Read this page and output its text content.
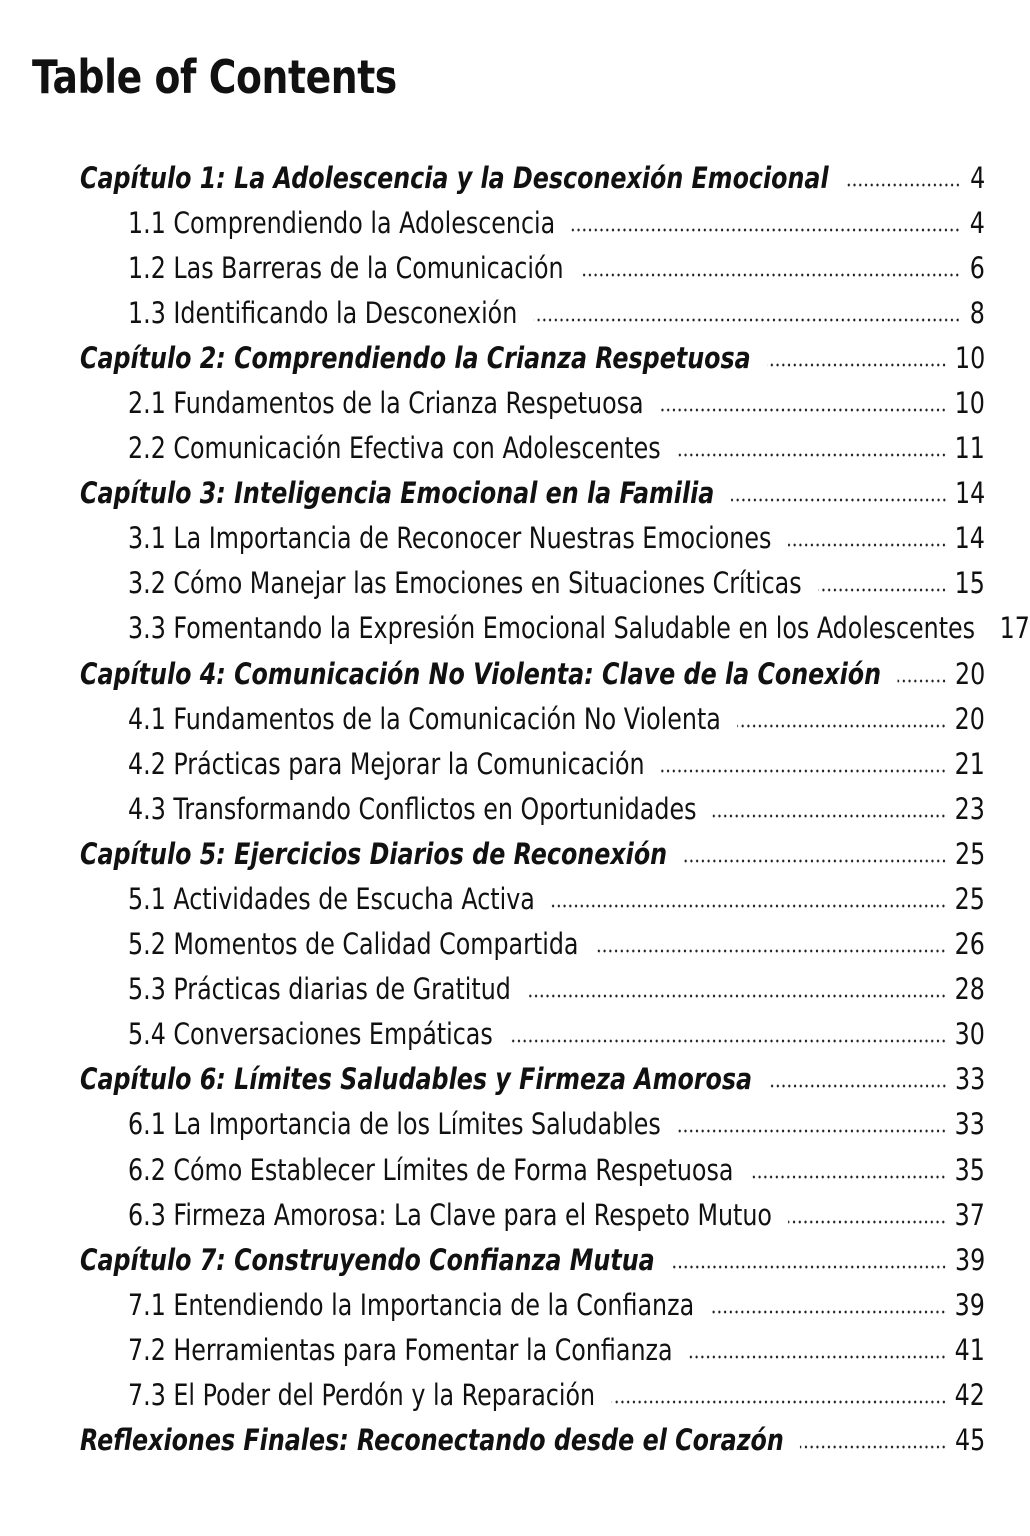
Table of Contents
Capítulo 1: La Adolescencia y la Desconexión Emocional	4
1.1 Comprendiendo la Adolescencia	4
1.2 Las Barreras de la Comunicación	6
1.3 Identificando la Desconexión	8
Capítulo 2: Comprendiendo la Crianza Respetuosa	10
2.1 Fundamentos de la Crianza Respetuosa	10
2.2 Comunicación Efectiva con Adolescentes	11
Capítulo 3: Inteligencia Emocional en la Familia	14
3.1 La Importancia de Reconocer Nuestras Emociones	14
3.2 Cómo Manejar las Emociones en Situaciones Críticas	15
3.3 Fomentando la Expresión Emocional Saludable en los Adolescentes 17
Capítulo 4: Comunicación No Violenta: Clave de la Conexión	20
4.1 Fundamentos de la Comunicación No Violenta	20
4.2 Prácticas para Mejorar la Comunicación	21
4.3 Transformando Conflictos en Oportunidades	23
Capítulo 5: Ejercicios Diarios de Reconexión	25
5.1 Actividades de Escucha Activa	25
5.2 Momentos de Calidad Compartida	26
5.3 Prácticas diarias de Gratitud	28
5.4 Conversaciones Empáticas	30
Capítulo 6: Límites Saludables y Firmeza Amorosa	33
6.1 La Importancia de los Límites Saludables	33
6.2 Cómo Establecer Límites de Forma Respetuosa	35
6.3 Firmeza Amorosa: La Clave para el Respeto Mutuo	37
Capítulo 7: Construyendo Confianza Mutua	39
7.1 Entendiendo la Importancia de la Confianza	39
7.2 Herramientas para Fomentar la Confianza	41
7.3 El Poder del Perdón y la Reparación	42
Reflexiones Finales: Reconectando desde el Corazón	45
